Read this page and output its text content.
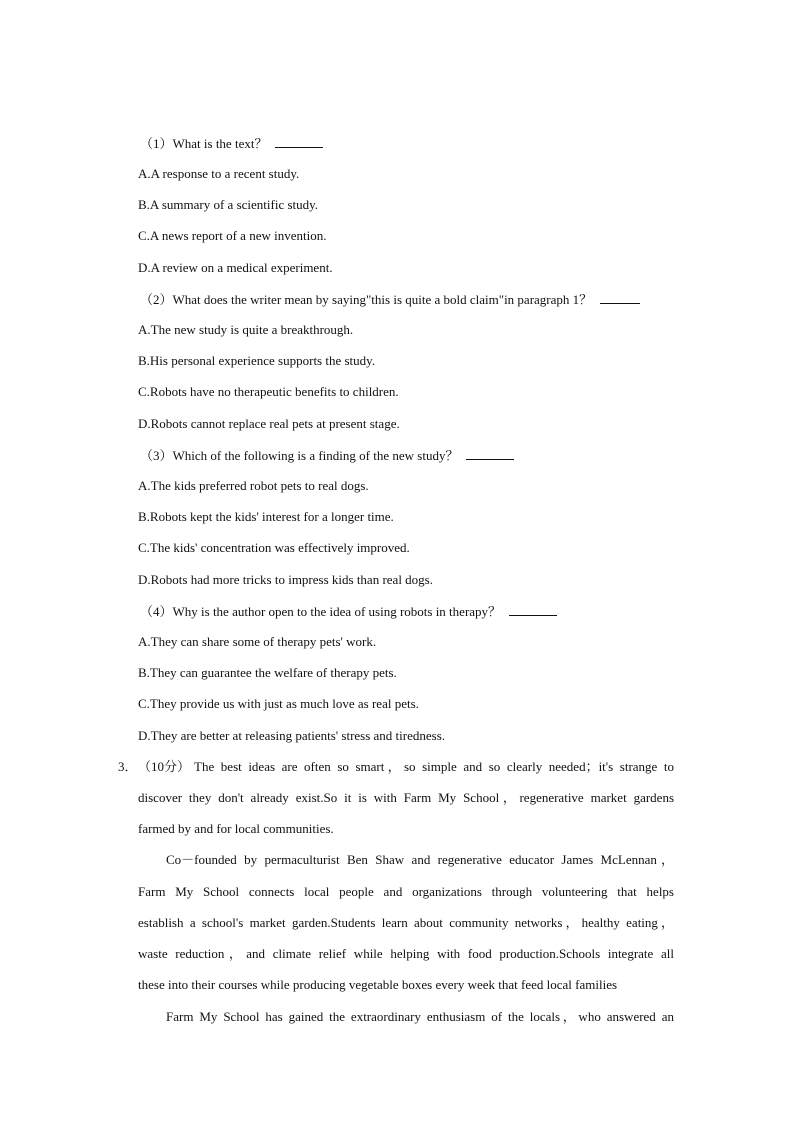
（1）What is the text？
A.A response to a recent study.
B.A summary of a scientific study.
C.A news report of a new invention.
D.A review on a medical experiment.
（2）What does the writer mean by saying"this is quite a bold claim"in paragraph 1？
A.The new study is quite a breakthrough.
B.His personal experience supports the study.
C.Robots have no therapeutic benefits to children.
D.Robots cannot replace real pets at present stage.
（3）Which of the following is a finding of the new study？
A.The kids preferred robot pets to real dogs.
B.Robots kept the kids' interest for a longer time.
C.The kids' concentration was effectively improved.
D.Robots had more tricks to impress kids than real dogs.
（4）Why is the author open to the idea of using robots in therapy？
A.They can share some of therapy pets' work.
B.They can guarantee the welfare of therapy pets.
C.They provide us with just as much love as real pets.
D.They are better at releasing patients' stress and tiredness.
3． （10分） The best ideas are often so smart，so simple and so clearly needed；it's strange to
discover they don't already exist.So it is with Farm My School，regenerative market gardens
farmed by and for local communities.
Co－founded by permaculturist Ben Shaw and regenerative educator James McLennan，
Farm My School connects local people and organizations through volunteering that helps
establish a school's market garden.Students learn about community networks，healthy eating，
waste reduction，and climate relief while helping with food production.Schools integrate all
these into their courses while producing vegetable boxes every week that feed local families
Farm My School has gained the extraordinary enthusiasm of the locals，who answered an
